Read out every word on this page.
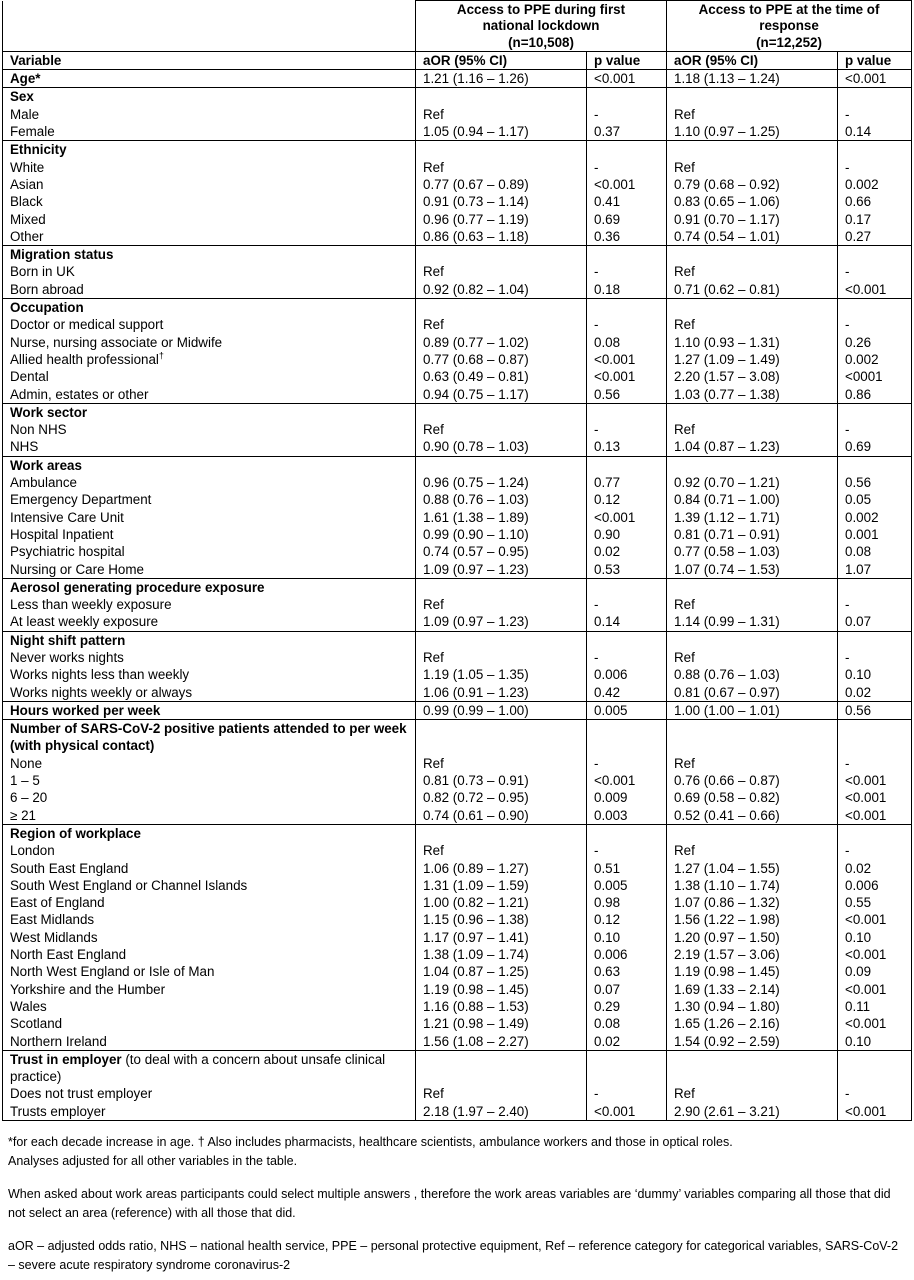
	Access to PPE during first national lockdown
(n=10,508)		Access to PPE at the time of response
(n=12,252)	
Variable	aOR (95% CI)	p value	aOR (95% CI)	p value
Age*	1.21 (1.16 – 1.26)	<0.001	1.18 (1.13 – 1.24)	<0.001
Sex				
Male	Ref	-	Ref	-
Female	1.05 (0.94 – 1.17)	0.37	1.10 (0.97 – 1.25)	0.14
Ethnicity				
White	Ref	-	Ref	-
Asian	0.77 (0.67 – 0.89)	<0.001	0.79 (0.68 – 0.92)	0.002
Black	0.91 (0.73 – 1.14)	0.41	0.83 (0.65 – 1.06)	0.66
Mixed	0.96 (0.77 – 1.19)	0.69	0.91 (0.70 – 1.17)	0.17
Other	0.86 (0.63 – 1.18)	0.36	0.74 (0.54 – 1.01)	0.27
Migration status				
Born in UK	Ref	-	Ref	-
Born abroad	0.92 (0.82 – 1.04)	0.18	0.71 (0.62 – 0.81)	<0.001
Occupation				
Doctor or medical support	Ref	-	Ref	-
Nurse, nursing associate or Midwife	0.89 (0.77 – 1.02)	0.08	1.10 (0.93 – 1.31)	0.26
Allied health professional†	0.77 (0.68 – 0.87)	<0.001	1.27 (1.09 – 1.49)	0.002
Dental	0.63 (0.49 – 0.81)	<0.001	2.20 (1.57 – 3.08)	<0001
Admin, estates or other	0.94 (0.75 – 1.17)	0.56	1.03 (0.77 – 1.38)	0.86
Work sector				
Non NHS	Ref	-	Ref	-
NHS	0.90 (0.78 – 1.03)	0.13	1.04 (0.87 – 1.23)	0.69
Work areas				
Ambulance	0.96 (0.75 – 1.24)	0.77	0.92 (0.70 – 1.21)	0.56
Emergency Department	0.88 (0.76 – 1.03)	0.12	0.84 (0.71 – 1.00)	0.05
Intensive Care Unit	1.61 (1.38 – 1.89)	<0.001	1.39 (1.12 – 1.71)	0.002
Hospital Inpatient	0.99 (0.90 – 1.10)	0.90	0.81 (0.71 – 0.91)	0.001
Psychiatric hospital	0.74 (0.57 – 0.95)	0.02	0.77 (0.58 – 1.03)	0.08
Nursing or Care Home	1.09 (0.97 – 1.23)	0.53	1.07 (0.74 – 1.53)	1.07
Aerosol generating procedure exposure				
Less than weekly exposure	Ref	-	Ref	-
At least weekly exposure	1.09 (0.97 – 1.23)	0.14	1.14 (0.99 – 1.31)	0.07
Night shift pattern				
Never works nights	Ref	-	Ref	-
Works nights less than weekly	1.19 (1.05 – 1.35)	0.006	0.88 (0.76 – 1.03)	0.10
Works nights weekly or always	1.06 (0.91 – 1.23)	0.42	0.81 (0.67 – 0.97)	0.02
Hours worked per week	0.99 (0.99 – 1.00)	0.005	1.00 (1.00 – 1.01)	0.56
Number of SARS-CoV-2 positive patients attended to per week (with physical contact)				
None	Ref	-	Ref	-
1 – 5	0.81 (0.73 – 0.91)	<0.001	0.76 (0.66 – 0.87)	<0.001
6 – 20	0.82 (0.72 – 0.95)	0.009	0.69 (0.58 – 0.82)	<0.001
≥ 21	0.74 (0.61 – 0.90)	0.003	0.52 (0.41 – 0.66)	<0.001
Region of workplace				
London	Ref	-	Ref	-
South East England	1.06 (0.89 – 1.27)	0.51	1.27 (1.04 – 1.55)	0.02
South West England or Channel Islands	1.31 (1.09 – 1.59)	0.005	1.38 (1.10 – 1.74)	0.006
East of England	1.00 (0.82 – 1.21)	0.98	1.07 (0.86 – 1.32)	0.55
East Midlands	1.15 (0.96 – 1.38)	0.12	1.56 (1.22 – 1.98)	<0.001
West Midlands	1.17 (0.97 – 1.41)	0.10	1.20 (0.97 – 1.50)	0.10
North East England	1.38 (1.09 – 1.74)	0.006	2.19 (1.57 – 3.06)	<0.001
North West England or Isle of Man	1.04 (0.87 – 1.25)	0.63	1.19 (0.98 – 1.45)	0.09
Yorkshire and the Humber	1.19 (0.98 – 1.45)	0.07	1.69 (1.33 – 2.14)	<0.001
Wales	1.16 (0.88 – 1.53)	0.29	1.30 (0.94 – 1.80)	0.11
Scotland	1.21 (0.98 – 1.49)	0.08	1.65 (1.26 – 2.16)	<0.001
Northern Ireland	1.56 (1.08 – 2.27)	0.02	1.54 (0.92 – 2.59)	0.10
Trust in employer (to deal with a concern about unsafe clinical practice)				
Does not trust employer	Ref	-	Ref	-
Trusts employer	2.18 (1.97 – 2.40)	<0.001	2.90 (2.61 – 3.21)	<0.001

*for each decade increase in age. † Also includes pharmacists, healthcare scientists, ambulance workers and those in optical roles.

Analyses adjusted for all other variables in the table.

When asked about work areas participants could select multiple answers , therefore the work areas variables are ‘dummy’ variables comparing all those that did not select an area (reference) with all those that did.

aOR – adjusted odds ratio, NHS – national health service, PPE – personal protective equipment, Ref – reference category for categorical variables, SARS-CoV-2 – severe acute respiratory syndrome coronavirus-2
